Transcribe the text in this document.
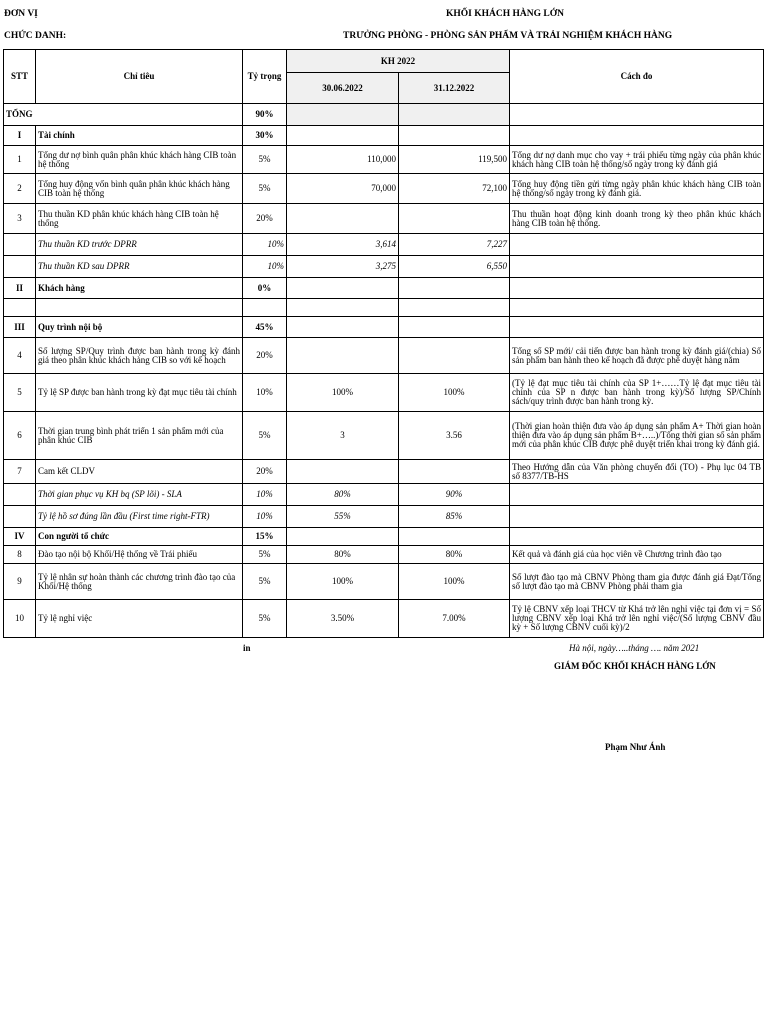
ĐƠN VỊ	KHỐI KHÁCH HÀNG LỚN
CHỨC DANH:	TRƯỞNG PHÒNG - PHÒNG SẢN PHẨM VÀ TRẢI NGHIỆM KHÁCH HÀNG
STT	Chỉ tiêu	Tỷ trọng	KH 2022		Cách đo
			30.06.2022	31.12.2022	
TỔNG		90%			
I	Tài chính	30%			
1	Tổng dư nợ bình quân phân khúc khách hàng CIB toàn hệ thống	5%	110,000	119,500	Tổng dư nợ danh mục cho vay + trái phiếu từng ngày của phân khúc khách hàng CIB toàn hệ thống/số ngày trong kỳ đánh giá
2	Tổng huy động vốn bình quân phân khúc khách hàng CIB toàn hệ thống	5%	70,000	72,100	Tổng huy động tiền gửi từng ngày phân khúc khách hàng CIB toàn hệ thống/số ngày trong kỳ đánh giá.
3	Thu thuần KD phân khúc khách hàng CIB toàn hệ thống	20%			Thu thuần hoạt động kinh doanh trong kỳ theo phân khúc khách hàng CIB toàn hệ thống.
	Thu thuần KD trước DPRR	10%	3,614	7,227	
	Thu thuần KD sau DPRR	10%	3,275	6,550	
II	Khách hàng	0%			

III	Quy trình nội bộ	45%			
4	Số lượng SP/Quy trình được ban hành trong kỳ đánh giá theo phân khúc khách hàng CIB so với kế hoạch	20%			Tổng số SP mới/ cải tiến được ban hành trong kỳ đánh giá/(chia) Số sản phẩm ban hành theo kế hoạch đã được phê duyệt hàng năm
5	Tỷ lệ SP được ban hành trong kỳ đạt mục tiêu tài chính	10%	100%	100%	(Tỷ lệ đạt mục tiêu tài chính của SP 1+……Tỷ lệ đạt mục tiêu tài chính của SP n được ban hành trong kỳ)/Số lượng SP/Chính sách/quy trình được ban hành trong kỳ.
6	Thời gian trung bình phát triển 1 sản phẩm mới của phân khúc CIB	5%	3	3.56	(Thời gian hoàn thiện đưa vào áp dụng sản phẩm A+ Thời gian hoàn thiện đưa vào áp dụng sản phẩm B+…..)/Tổng thời gian số sản phẩm mới của phân khúc CIB được phê duyệt triển khai trong kỳ đánh giá.
7	Cam kết CLDV	20%			Theo Hướng dẫn của Văn phòng chuyển đổi (TO) - Phụ lục 04 TB số 8377/TB-HS
	Thời gian phục vụ KH bq (SP lõi) - SLA	10%	80%	90%	
	Tỷ lệ hồ sơ đúng lần đầu (First time right-FTR)	10%	55%	85%	
IV	Con người tổ chức	15%			
8	Đào tạo nội bộ Khối/Hệ thống về Trái phiếu	5%	80%	80%	Kết quả và đánh giá của học viên về Chương trình đào tạo
9	Tỷ lệ nhân sự hoàn thành các chương trình đào tạo của Khối/Hệ thống	5%	100%	100%	Số lượt đào tạo mà CBNV Phòng tham gia được đánh giá Đạt/Tổng số lượt đào tạo mà CBNV Phòng phải tham gia
10	Tỷ lệ nghỉ việc	5%	3.50%	7.00%	Tỷ lệ CBNV xếp loại THCV từ Khá trở lên nghỉ việc tại đơn vị = Số lượng CBNV xếp loại Khá trở lên nghỉ việc/(Số lượng CBNV đầu kỳ + Số lượng CBNV cuối kỳ)/2
in	Hà nội, ngày…..tháng …. năm 2021
GIÁM ĐỐC KHỐI KHÁCH HÀNG LỚN
Phạm Như Ánh
